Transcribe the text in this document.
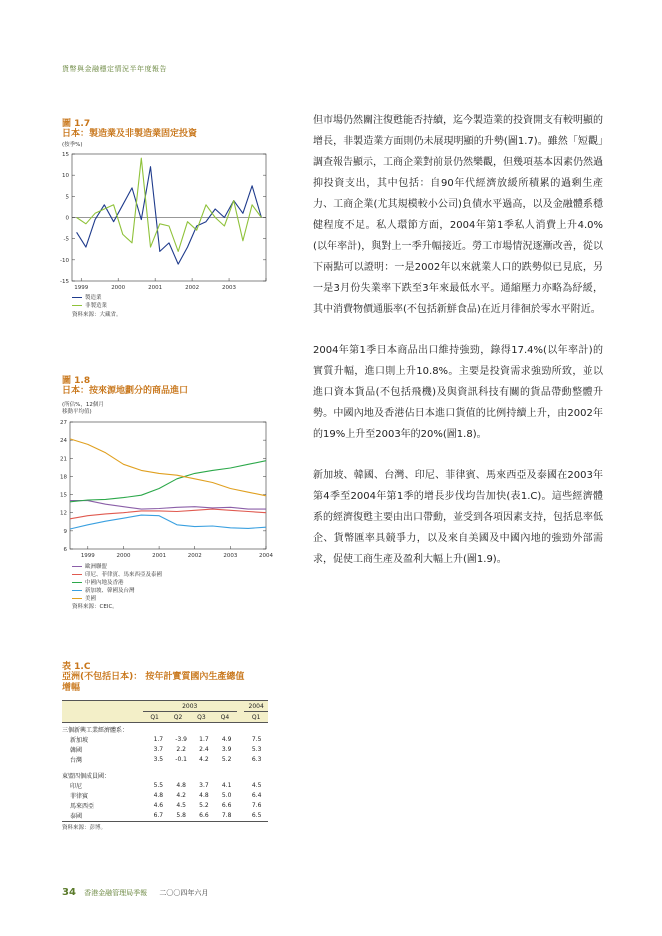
貨幣與金融穩定情況半年度報告
圖 1.7
日本：製造業及非製造業固定投資
(按季%)
-15
-10
-5
0
5
10
15
1999	2000	2001	2002	2003
製造業
非製造業
資料來源：大藏省。
圖 1.8
日本：按來源地劃分的商品進口
(所佔%，12個月
移動平均值)
6
9
12
15
18
21
24
27
1999	2000	2001	2002	2003	2004
歐洲聯盟
印尼、菲律賓、馬來西亞及泰國
中國內地及香港
新加坡、韓國及台灣
美國
資料來源：CEIC。
表 1.C
亞洲(不包括日本)： 按年計實質國內生產總值
增幅
	2003					2004
	Q1	Q2	Q3	Q4		Q1
三個新興工業經濟體系：						
新加坡	1.7	-3.9	1.7	4.9		7.5
韓國	3.7	2.2	2.4	3.9		5.3
台灣	3.5	-0.1	4.2	5.2		6.3
東盟四個成員國：						
印尼	5.5	4.8	3.7	4.1		4.5
菲律賓	4.8	4.2	4.8	5.0		6.4
馬來西亞	4.6	4.5	5.2	6.6		7.6
泰國	6.7	5.8	6.6	7.8		6.5
資料來源：彭博。

但市場仍然關注復甦能否持續，迄今製造業的投資開支有較明顯的增長，非製造業方面則仍未展現明顯的升勢(圖1.7)。雖然「短觀」調查報告顯示，工商企業對前景仍然樂觀，但幾項基本因素仍然過抑投資支出，其中包括：自90年代經濟放緩所積累的過剩生產力、工商企業(尤其規模較小公司)負債水平過高，以及金融體系穩健程度不足。私人環節方面，2004年第1季私人消費上升4.0%(以年率計)，與對上一季升幅接近。勞工市場情況逐漸改善，從以下兩點可以證明：一是2002年以來就業人口的跌勢似已見底，另一是3月份失業率下跌至3年來最低水平。通縮壓力亦略為紓緩，其中消費物價通脹率(不包括新鮮食品)在近月徘徊於零水平附近。

2004年第1季日本商品出口維持強勁，錄得17.4%(以年率計)的實質升幅，進口則上升10.8%。主要是投資需求強勁所致，並以進口資本貨品(不包括飛機)及與資訊科技有關的貨品帶動整體升勢。中國內地及香港佔日本進口貨值的比例持續上升，由2002年的19%上升至2003年的20%(圖1.8)。

新加坡、韓國、台灣、印尼、菲律賓、馬來西亞及泰國在2003年第4季至2004年第1季的增長步伐均告加快(表1.C)。這些經濟體系的經濟復甦主要由出口帶動，並受到各項因素支持，包括息率低企、貨幣匯率具競爭力，以及來自美國及中國內地的強勁外部需求，促使工商生產及盈利大幅上升(圖1.9)。

34 香港金融管理局季報 二〇〇四年六月
